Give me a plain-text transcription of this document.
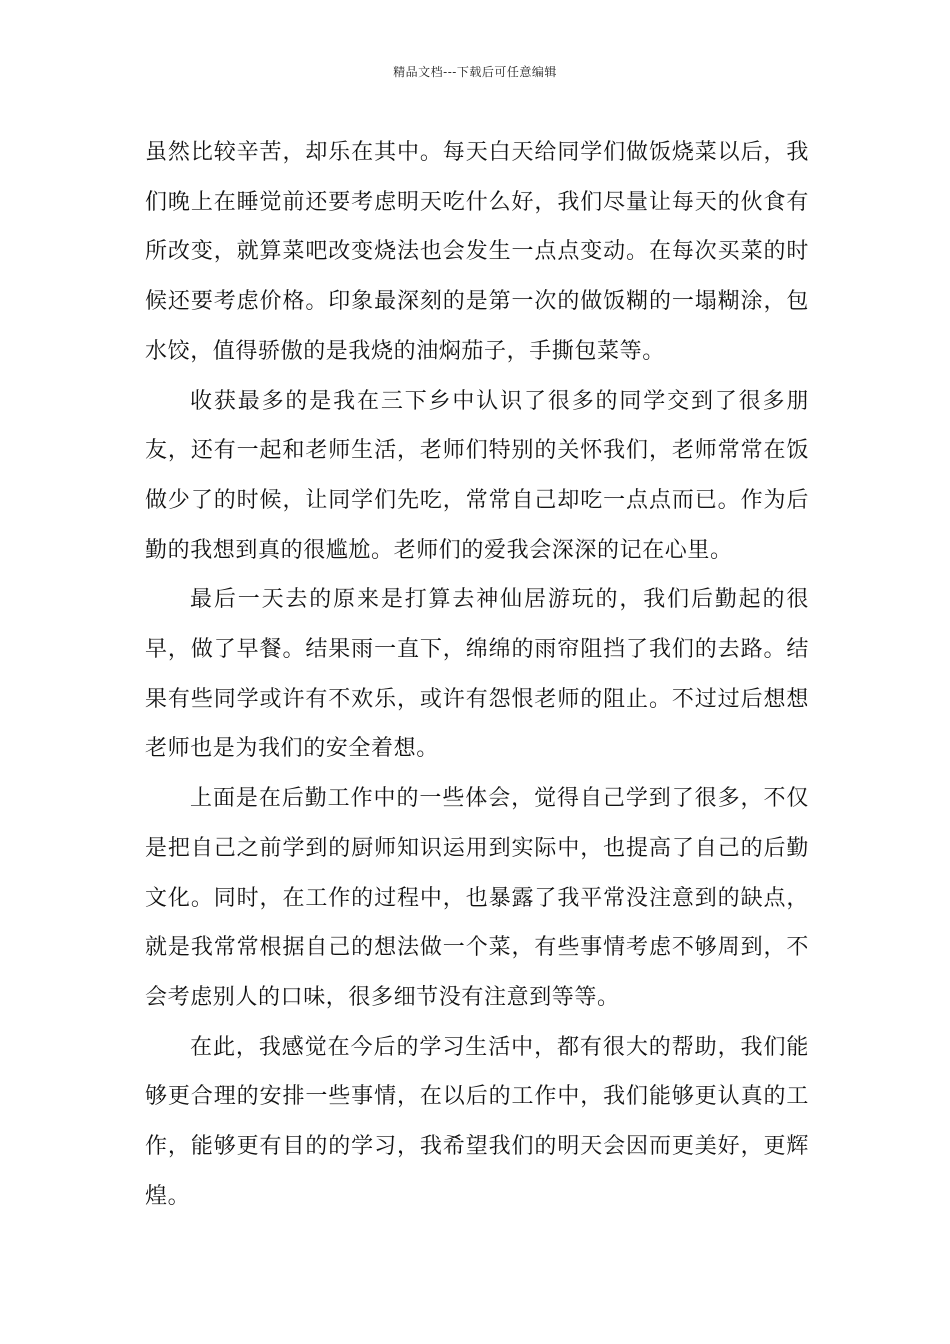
精品文档---下载后可任意编辑

虽然比较辛苦，却乐在其中。每天白天给同学们做饭烧菜以后，我们晚上在睡觉前还要考虑明天吃什么好，我们尽量让每天的伙食有所改变，就算菜吧改变烧法也会发生一点点变动。在每次买菜的时候还要考虑价格。印象最深刻的是第一次的做饭糊的一塌糊涂，包水饺，值得骄傲的是我烧的油焖茄子，手撕包菜等。

收获最多的是我在三下乡中认识了很多的同学交到了很多朋友，还有一起和老师生活，老师们特别的关怀我们，老师常常在饭做少了的时候，让同学们先吃，常常自己却吃一点点而已。作为后勤的我想到真的很尴尬。老师们的爱我会深深的记在心里。

最后一天去的原来是打算去神仙居游玩的，我们后勤起的很早，做了早餐。结果雨一直下，绵绵的雨帘阻挡了我们的去路。结果有些同学或许有不欢乐，或许有怨恨老师的阻止。不过过后想想老师也是为我们的安全着想。

上面是在后勤工作中的一些体会，觉得自己学到了很多，不仅是把自己之前学到的厨师知识运用到实际中，也提高了自己的后勤文化。同时，在工作的过程中，也暴露了我平常没注意到的缺点，就是我常常根据自己的想法做一个菜，有些事情考虑不够周到，不会考虑别人的口味，很多细节没有注意到等等。

在此，我感觉在今后的学习生活中，都有很大的帮助，我们能够更合理的安排一些事情，在以后的工作中，我们能够更认真的工作，能够更有目的的学习，我希望我们的明天会因而更美好，更辉煌。
